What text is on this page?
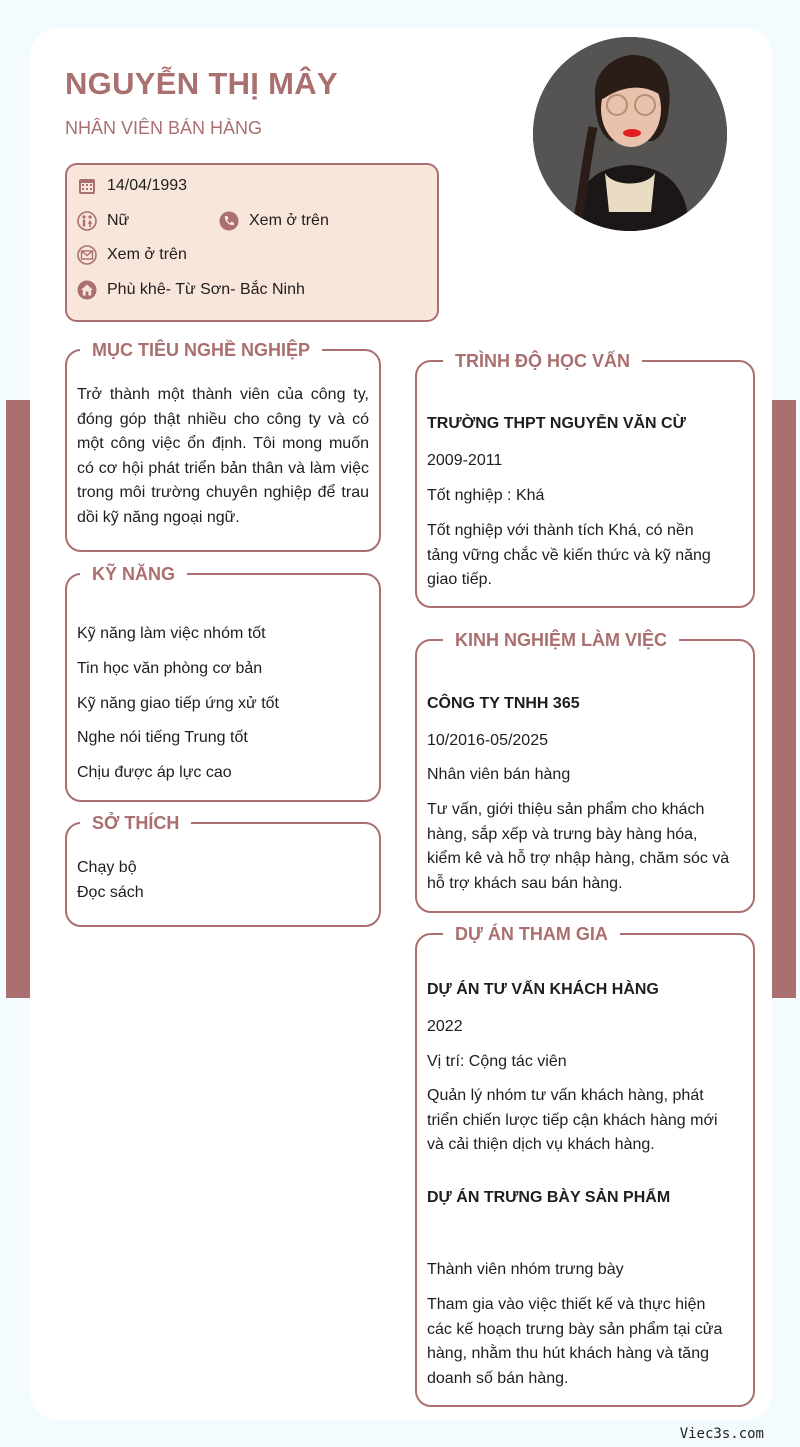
NGUYỄN THỊ MÂY
NHÂN VIÊN BÁN HÀNG
14/04/1993
Nữ	Xem ở trên
Xem ở trên
Phù khê- Từ Sơn- Bắc Ninh
MỤC TIÊU NGHỀ NGHIỆP
Trở thành một thành viên của công ty, đóng góp thật nhiều cho công ty và có một công việc ổn định. Tôi mong muốn có cơ hội phát triển bản thân và làm việc trong môi trường chuyên nghiệp để trau dồi kỹ năng ngoại ngữ.
KỸ NĂNG
Kỹ năng làm việc nhóm tốt
Tin học văn phòng cơ bản
Kỹ năng giao tiếp ứng xử tốt
Nghe nói tiếng Trung tốt
Chịu được áp lực cao
SỞ THÍCH
Chạy bộ
Đọc sách
TRÌNH ĐỘ HỌC VẤN
TRƯỜNG THPT NGUYỄN VĂN CỪ
2009-2011
Tốt nghiệp : Khá
Tốt nghiệp với thành tích Khá, có nền tảng vững chắc về kiến thức và kỹ năng giao tiếp.
KINH NGHIỆM LÀM VIỆC
CÔNG TY TNHH 365
10/2016-05/2025
Nhân viên bán hàng
Tư vấn, giới thiệu sản phẩm cho khách hàng, sắp xếp và trưng bày hàng hóa, kiểm kê và hỗ trợ nhập hàng, chăm sóc và hỗ trợ khách sau bán hàng.
DỰ ÁN THAM GIA
DỰ ÁN TƯ VẤN KHÁCH HÀNG
2022
Vị trí: Cộng tác viên
Quản lý nhóm tư vấn khách hàng, phát triển chiến lược tiếp cận khách hàng mới và cải thiện dịch vụ khách hàng.
DỰ ÁN TRƯNG BÀY SẢN PHẨM
Thành viên nhóm trưng bày
Tham gia vào việc thiết kế và thực hiện các kế hoạch trưng bày sản phẩm tại cửa hàng, nhằm thu hút khách hàng và tăng doanh số bán hàng.
Viec3s.com
